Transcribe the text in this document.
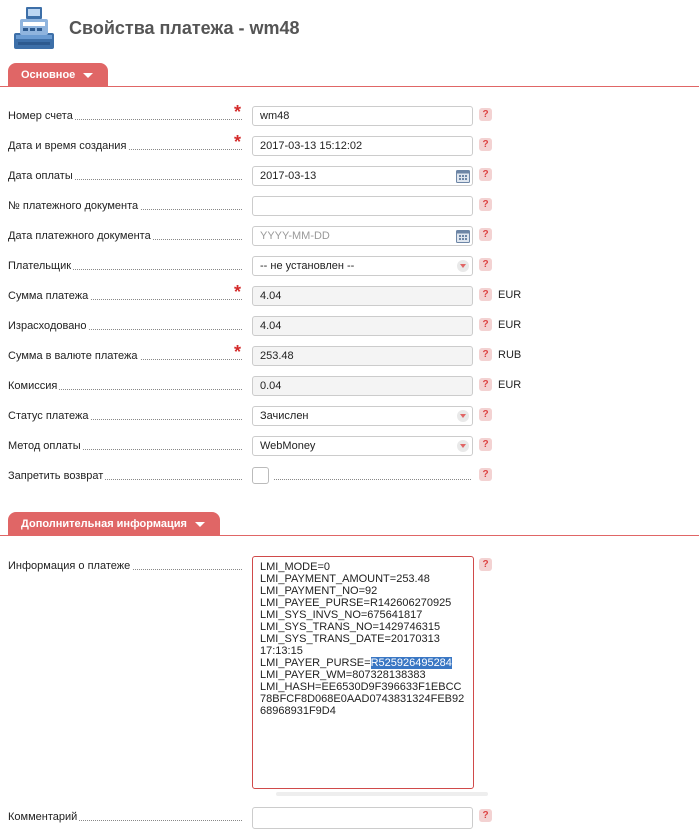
Свойства платежа - wm48
Основное
Номер счета	*	wm48	?
Дата и время создания	*	2017-03-13 15:12:02	?
Дата оплаты	2017-03-13	?
№ платежного документа	?
Дата платежного документа	YYYY-MM-DD	?
Плательщик	-- не установлен --	?
Сумма платежа	*	4.04	? EUR
Израсходовано	4.04	? EUR
Сумма в валюте платежа	*	253.48	? RUB
Комиссия	0.04	? EUR
Статус платежа	Зачислен	?
Метод оплаты	WebMoney	?
Запретить возврат	?
Дополнительная информация
Информация о платеже	?
LMI_MODE=0
LMI_PAYMENT_AMOUNT=253.48
LMI_PAYMENT_NO=92
LMI_PAYEE_PURSE=R142606270925
LMI_SYS_INVS_NO=675641817
LMI_SYS_TRANS_NO=1429746315
LMI_SYS_TRANS_DATE=20170313
17:13:15
LMI_PAYER_PURSE=R525926495284
LMI_PAYER_WM=807328138383
LMI_HASH=EE6530D9F396633F1EBCC78BFCF8D068E0AAD0743831324FEB9268968931F9D4
Комментарий	?
